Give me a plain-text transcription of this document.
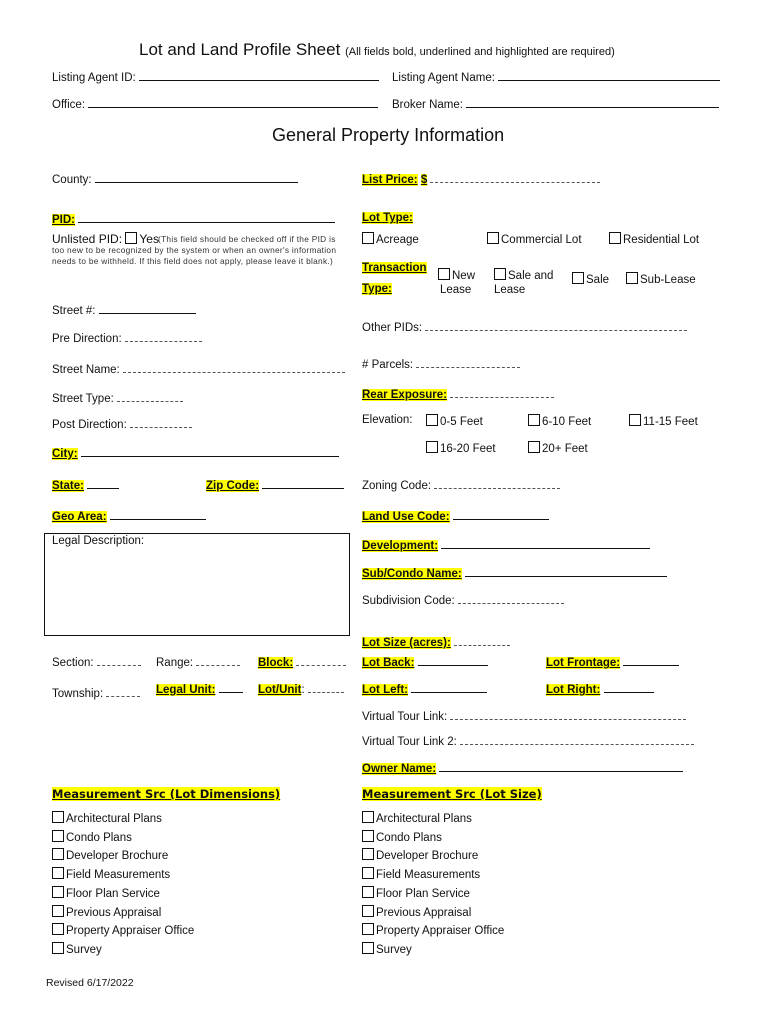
Lot and Land Profile Sheet (All fields bold, underlined and highlighted are required)
Listing Agent ID:	Listing Agent Name:
Office:	Broker Name:
General Property Information
County:
PID:
Unlisted PID: Yes (This field should be checked off if the PID is too new to be recognized by the system or when an owner's information needs to be withheld. If this field does not apply, please leave it blank.)
Street #:
Pre Direction:
Street Name:
Street Type:
Post Direction:
City:
State:	Zip Code:
Geo Area:
Legal Description:
Section:	Range:	Block:
Township:	Legal Unit:	Lot/Unit:
List Price: $
Lot Type:
Acreage	Commercial Lot	Residential Lot
Transaction
Type:
New
Lease
Sale and
Lease
Sale	Sub-Lease
Other PIDs:
# Parcels:
Rear Exposure:
Elevation:	0-5 Feet	6-10 Feet	11-15 Feet
16-20 Feet	20+ Feet
Zoning Code:
Land Use Code:
Development:
Sub/Condo Name:
Subdivision Code:
Lot Size (acres):
Lot Back:	Lot Frontage:
Lot Left:	Lot Right:
Virtual Tour Link:
Virtual Tour Link 2:
Owner Name:
Measurement Src (Lot Dimensions)
Architectural Plans
Condo Plans
Developer Brochure
Field Measurements
Floor Plan Service
Previous Appraisal
Property Appraiser Office
Survey
Measurement Src (Lot Size)
Architectural Plans
Condo Plans
Developer Brochure
Field Measurements
Floor Plan Service
Previous Appraisal
Property Appraiser Office
Survey
Revised 6/17/2022
